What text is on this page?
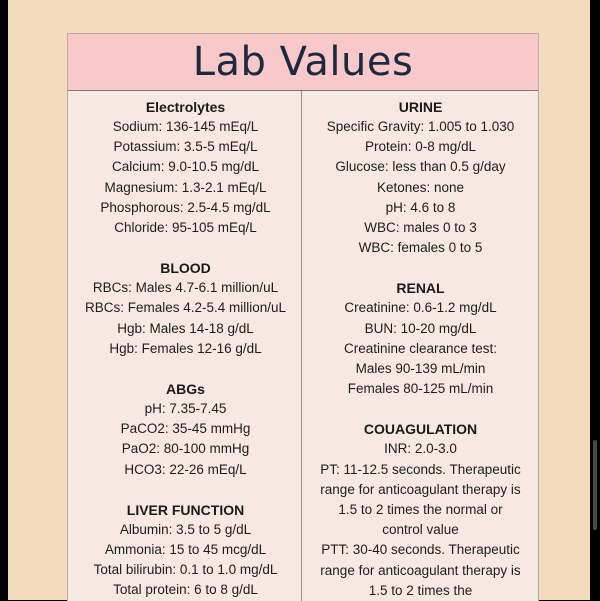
Lab Values
Electrolytes
Sodium: 136-145 mEq/L
Potassium: 3.5-5 mEq/L
Calcium: 9.0-10.5 mg/dL
Magnesium: 1.3-2.1 mEq/L
Phosphorous: 2.5-4.5 mg/dL
Chloride: 95-105 mEq/L
BLOOD
RBCs: Males 4.7-6.1 million/uL
RBCs: Females 4.2-5.4 million/uL
Hgb: Males 14-18 g/dL
Hgb: Females 12-16 g/dL
ABGs
pH: 7.35-7.45
PaCO2: 35-45 mmHg
PaO2: 80-100 mmHg
HCO3: 22-26 mEq/L
LIVER FUNCTION
Albumin: 3.5 to 5 g/dL
Ammonia: 15 to 45 mcg/dL
Total bilirubin: 0.1 to 1.0 mg/dL
Total protein: 6 to 8 g/dL
URINE
Specific Gravity: 1.005 to 1.030
Protein: 0-8 mg/dL
Glucose: less than 0.5 g/day
Ketones: none
pH: 4.6 to 8
WBC: males 0 to 3
WBC: females 0 to 5
RENAL
Creatinine: 0.6-1.2 mg/dL
BUN: 10-20 mg/dL
Creatinine clearance test:
Males 90-139 mL/min
Females 80-125 mL/min
COUAGULATION
INR: 2.0-3.0
PT: 11-12.5 seconds. Therapeutic
range for anticoagulant therapy is
1.5 to 2 times the normal or
control value
PTT: 30-40 seconds. Therapeutic
range for anticoagulant therapy is
1.5 to 2 times the
